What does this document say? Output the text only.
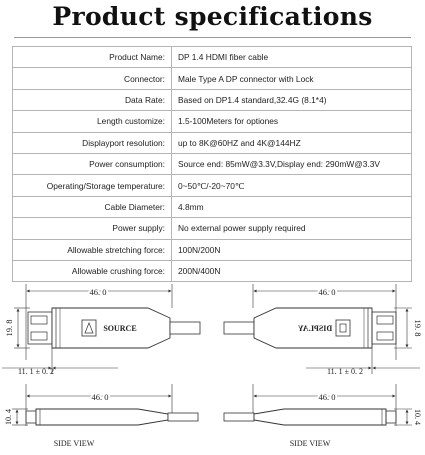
Product specifications
Product Name:	DP 1.4 HDMI fiber cable
Connector:	Male Type A DP connector with Lock
Data Rate:	Based on DP1.4 standard,32.4G (8.1*4)
Length customize:	1.5-100Meters for optiones
Displayport resolution:	up to 8K@60HZ and 4K@144HZ
Power consumption:	Source end: 85mW@3.3V,Display end: 290mW@3.3V
Operating/Storage temperature:	0~50℃/-20~70℃
Cable Diameter:	4.8mm
Power supply:	No external power supply required
Allowable stretching force:	100N/200N
Allowable crushing force:	200N/400N
46. 0
19. 8	SOURCE
11. 1 ± 0. 2
46. 0
19. 8
DISPLAY
11. 1 ± 0. 2
46. 0
10. 4
SIDE VIEW
46. 0
10. 4
SIDE VIEW
